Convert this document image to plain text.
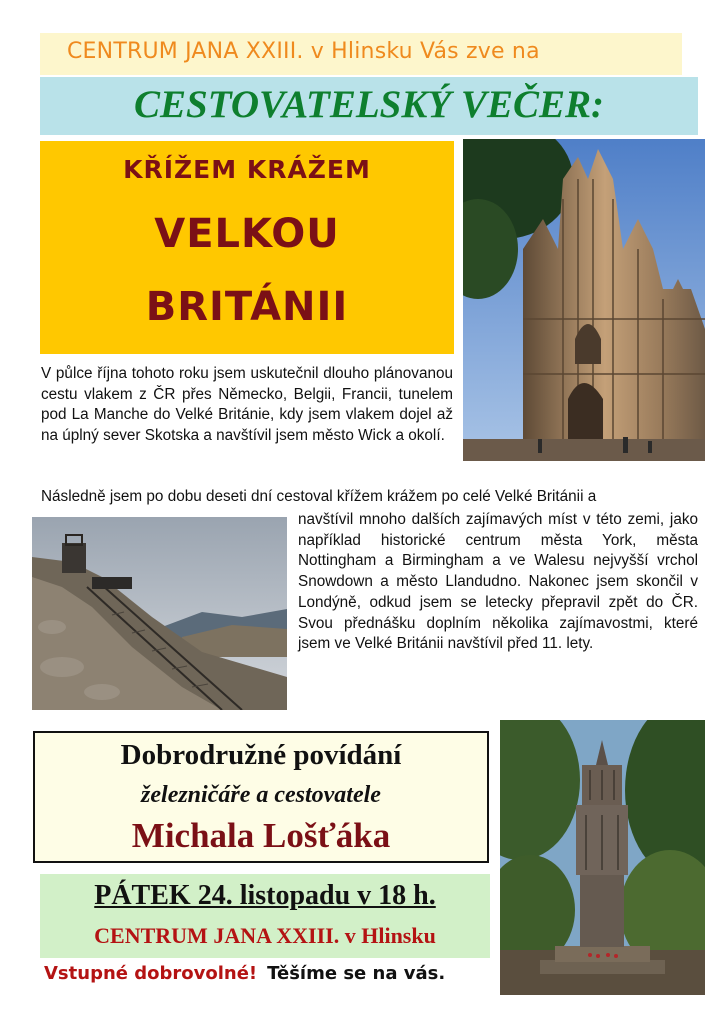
CENTRUM JANA XXIII. v Hlinsku Vás zve na
CESTOVATELSKÝ VEČER:
KŘÍŽEM KRÁŽEM
VELKOU
BRITÁNII
V půlce října tohoto roku jsem uskutečnil dlouho plánovanou cestu vlakem z ČR přes Německo, Belgii, Francii, tunelem pod La Manche do Velké Británie, kdy jsem vlakem dojel až na úplný sever Skotska a navštívil jsem město Wick a okolí.
Následně jsem po dobu deseti dní cestoval křížem krážem po celé Velké Británii a
navštívil mnoho dalších zajímavých míst v této zemi, jako například historické centrum města York, města Nottingham a Birmingham a ve Walesu nejvyšší vrchol Snowdown a město Llandudno. Nakonec jsem skončil v Londýně, odkud jsem se letecky přepravil zpět do ČR. Svou přednášku doplním několika zajímavostmi, které jsem ve Velké Británii navštívil před 11. lety.
Dobrodružné povídání
železničáře a cestovatele
Michala Lošťáka
PÁTEK 24. listopadu v 18 h.
CENTRUM JANA XXIII. v Hlinsku
Vstupné dobrovolné! Těšíme se na vás.
